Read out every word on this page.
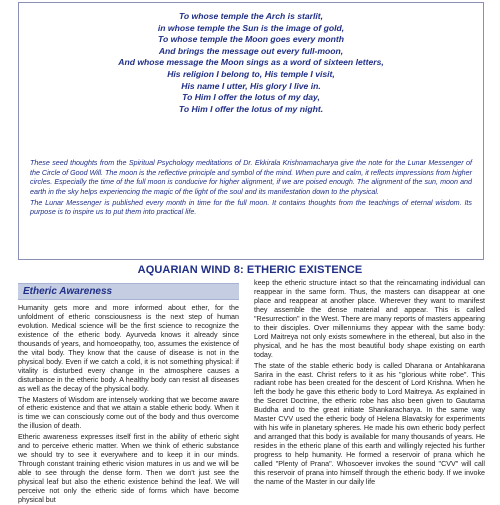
To whose temple the Arch is starlit,
in whose temple the Sun is the image of gold,
To whose temple the Moon goes every month
And brings the message out every full-moon,
And whose message the Moon sings as a word of sixteen letters,
His religion I belong to, His temple I visit,
His name I utter, His glory I live in.
To Him I offer the lotus of my day,
To Him I offer the lotus of my night.

These seed thoughts from the Spiritual Psychology meditations of Dr. Ekkirala Krishnamacharya give the note for the Lunar Messenger of the Circle of Good Will. The moon is the reflective principle and symbol of the mind. When pure and calm, it reflects impressions from higher circles. Especially the time of the full moon is conducive for higher alignment, if we are poised enough. The alignment of the sun, moon and earth in the sky helps experiencing the magic of the light of the soul and its manifestation down to the physical.

The Lunar Messenger is published every month in time for the full moon. It contains thoughts from the teachings of eternal wisdom. Its purpose is to inspire us to put them into practical life.

AQUARIAN WIND 8: ETHERIC EXISTENCE
Etheric Awareness

Humanity gets more and more informed about ether, for the unfoldment of etheric consciousness is the next step of human evolution. Medical science will be the first science to recognize the existence of the etheric body. Ayurveda knows it already since thousands of years, and homoeopathy, too, assumes the existence of the vital body. They know that the cause of disease is not in the physical body. Even if we catch a cold, it is not something physical: if vitality is disturbed every change in the atmosphere causes a disturbance in the etheric body. A healthy body can resist all diseases as well as the decay of the physical body.

The Masters of Wisdom are intensely working that we become aware of etheric existence and that we attain a stable etheric body. When it is time we can consciously come out of the body and thus overcome the illusion of death.

Etheric awareness expresses itself first in the ability of etheric sight and to perceive etheric matter. When we think of etheric substance we should try to see it everywhere and to keep it in our minds. Through constant training etheric vision matures in us and we will be able to see through the dense form. Then we don't just see the physical leaf but also the etheric existence behind the leaf. We will perceive not only the etheric side of forms which have become physical but

keep the etheric structure intact so that the reincarnating individual can reappear in the same form. Thus, the masters can disappear at one place and reappear at another place. Wherever they want to manifest they assemble the dense material and appear. This is called "Resurrection" in the West. There are many reports of masters appearing to their disciples. Over millenniums they appear with the same body: Lord Maitreya not only exists somewhere in the ethereal, but also in the physical, and he has the most beautiful body shape existing on earth today.

The state of the stable etheric body is called Dharana or Antahkarana Sarira in the east. Christ refers to it as his "glorious white robe". This radiant robe has been created for the descent of Lord Krishna. When he left the body he gave this etheric body to Lord Maitreya. As explained in the Secret Doctrine, the etheric robe has also been given to Gautama Buddha and to the great initiate Shankaracharya. In the same way Master CVV used the etheric body of Helena Blavatsky for experiments with his wife in planetary spheres. He made his own etheric body perfect and arranged that this body is available for many thousands of years. He resides in the etheric plane of this earth and willingly rejected his further progress to help humanity. He formed a reservoir of prana which he called "Plenty of Prana". Whosoever invokes the sound "CVV" will call this reservoir of prana into himself through the etheric body. If we invoke the name of the Master in our daily life
